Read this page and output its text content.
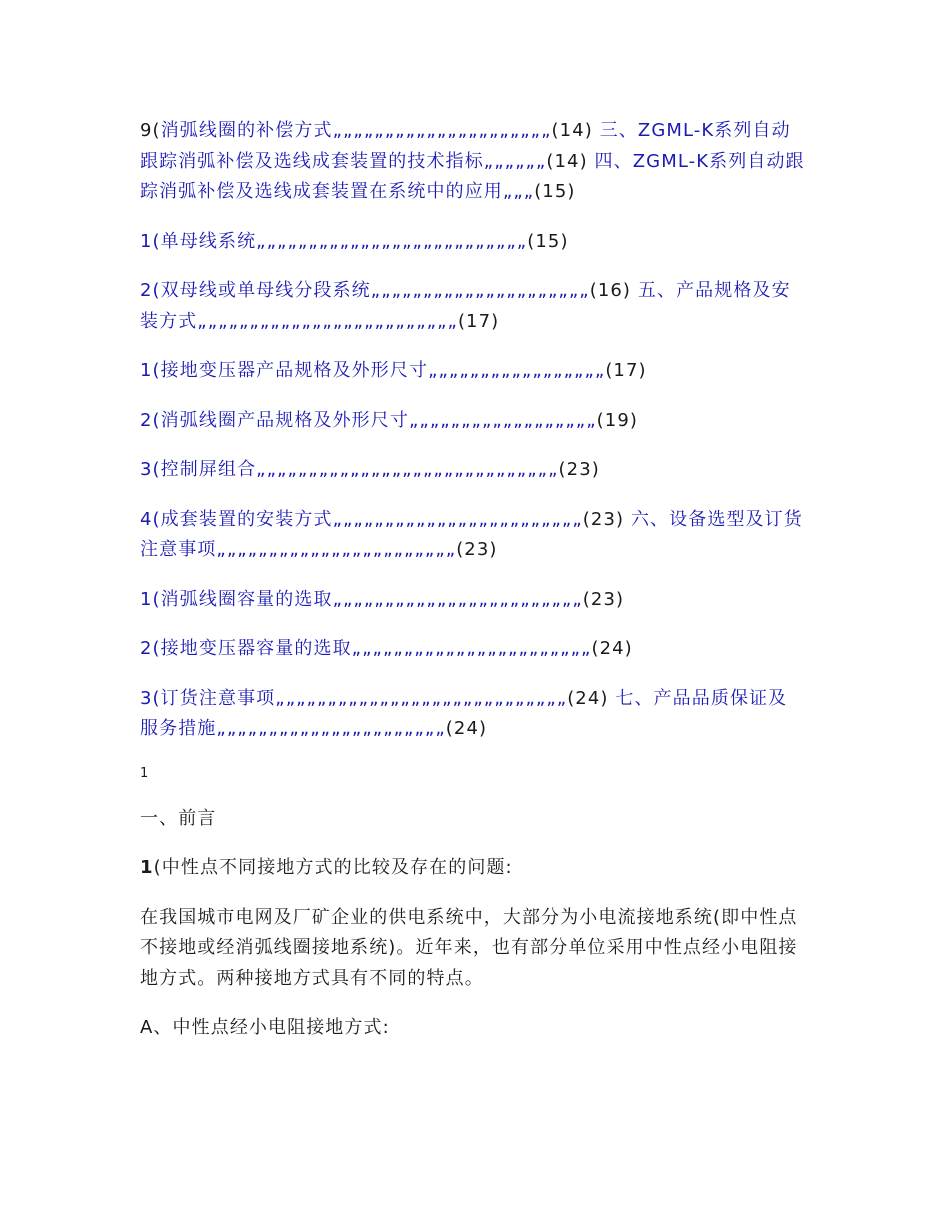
9(消弧线圈的补偿方式„„„„„„„„„„„„„„„„„„„„„(14) 三、ZGML-K系列自动跟踪消弧补偿及选线成套装置的技术指标„„„„„„(14) 四、ZGML-K系列自动跟踪消弧补偿及选线成套装置在系统中的应用„„„(15)
1(单母线系统„„„„„„„„„„„„„„„„„„„„„„„„„„(15)
2(双母线或单母线分段系统„„„„„„„„„„„„„„„„„„„„„(16) 五、产品规格及安装方式„„„„„„„„„„„„„„„„„„„„„„„„„(17)
1(接地变压器产品规格及外形尺寸„„„„„„„„„„„„„„„„„(17)
2(消弧线圈产品规格及外形尺寸„„„„„„„„„„„„„„„„„„(19)
3(控制屏组合„„„„„„„„„„„„„„„„„„„„„„„„„„„„„(23)
4(成套装置的安装方式„„„„„„„„„„„„„„„„„„„„„„„„(23) 六、设备选型及订货注意事项„„„„„„„„„„„„„„„„„„„„„„„(23)
1(消弧线圈容量的选取„„„„„„„„„„„„„„„„„„„„„„„„(23)
2(接地变压器容量的选取„„„„„„„„„„„„„„„„„„„„„„„(24)
3(订货注意事项„„„„„„„„„„„„„„„„„„„„„„„„„„„„(24) 七、产品品质保证及服务措施„„„„„„„„„„„„„„„„„„„„„„(24)
1
一、前言
1(中性点不同接地方式的比较及存在的问题:
在我国城市电网及厂矿企业的供电系统中，大部分为小电流接地系统(即中性点不接地或经消弧线圈接地系统)。近年来，也有部分单位采用中性点经小电阻接地方式。两种接地方式具有不同的特点。
A、中性点经小电阻接地方式:
